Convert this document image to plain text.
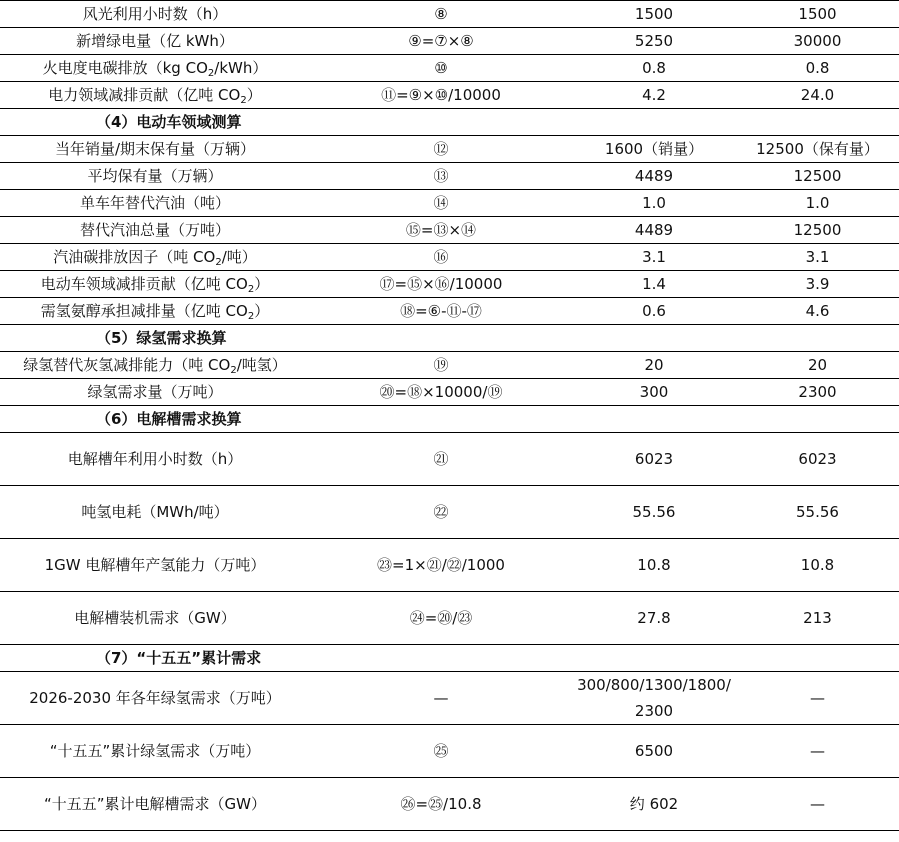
风光利用小时数（h）	⑧	1500	1500
新增绿电量（亿 kWh）	⑨=⑦×⑧	5250	30000
火电度电碳排放（kg $CO_2/kWh$）	⑩	0.8	0.8
电力领域减排贡献（亿吨 $CO_2$）	⑪=⑨×⑩/10000	4.2	24.0
（4）电动车领域测算			
当年销量/期末保有量（万辆）	⑫	1600（销量）	12500（保有量）
平均保有量（万辆）	⑬	4489	12500
单车年替代汽油（吨）	⑭	1.0	1.0
替代汽油总量（万吨）	⑮=⑬×⑭	4489	12500
汽油碳排放因子（吨 $CO_2/$吨）	⑯	3.1	3.1
电动车领域减排贡献（亿吨 $CO_2$）	⑰=⑮×⑯/10000	1.4	3.9
需氢氨醇承担减排量（亿吨 $CO_2$）	⑱=⑥-⑪-⑰	0.6	4.6
（5）绿氢需求换算			
绿氢替代灰氢减排能力（吨 $CO_2/$吨氢）	⑲	20	20
绿氢需求量（万吨）	⑳=⑱×10000/⑲	300	2300
（6）电解槽需求换算			
电解槽年利用小时数（h）	㉑	6023	6023
吨氢电耗（MWh/吨）	㉒	55.56	55.56
1GW 电解槽年产氢能力（万吨）	㉓=1×㉑/㉒/1000	10.8	10.8
电解槽装机需求（GW）	㉔=⑳/㉓	27.8	213
（7）“十五五”累计需求			
2026-2030 年各年绿氢需求（万吨）	—	300/800/1300/1800/2300	—
“十五五”累计绿氢需求（万吨）	㉕	6500	—
“十五五”累计电解槽需求（GW）	㉖=㉕/10.8	约 602	—
